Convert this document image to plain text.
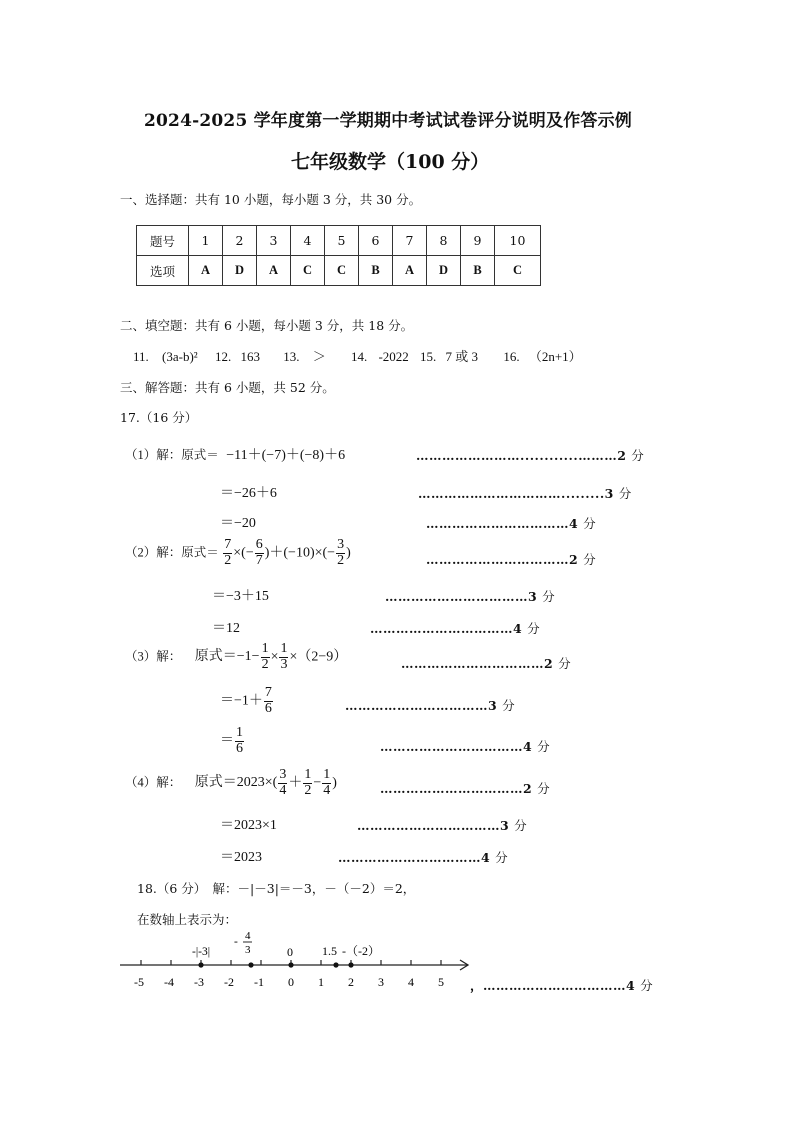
2024-2025 学年度第一学期期中考试试卷评分说明及作答示例
七年级数学（100 分）
一、选择题：共有 10 小题，每小题 3 分，共 30 分。
题号	1	2	3	4	5	6	7	8	9	10
选项	A	D	A	C	C	B	A	D	B	C
二、填空题：共有 6 小题，每小题 3 分，共 18 分。
11. (3a-b)² 12. 163 13. ＞ 14. -2022 15. 7 或 3 16. （2n+1）
三、解答题：共有 6 小题，共 52 分。
17.（16 分）
（1）解：原式＝ −11＋(−7)＋(−8)＋6	……………………............………2 分
＝−26＋6	…………………………….........3 分
＝−20	……………………………4 分
（2）解：原式＝ $\frac{7}{2}$ ×(− $\frac{6}{7} )+(-10)\times(- \frac{3}{2}$ )	……………………………2 分
＝−3＋15	……………………………3 分
＝12	……………………………4 分
（3）解： 原式$=-1- \frac{1}{2} \times \frac{1}{3} \times(2-9)$	……………………………2 分
$=-1+ \frac{7}{6}$	……………………………3 分
＝ $\frac{1}{6}$	……………………………4 分
（4）解： 原式$=2023\times( \frac{3}{4} + \frac{1}{2} - \frac{1}{4}$ )	……………………………2 分
＝2023×1	……………………………3 分
＝2023	……………………………4 分
18.（6 分）　解：－|－3|＝－3，－（－2）＝2，
在数轴上表示为：
-5 -4 -3 -2 -1 0 1 2 3 4 5
-|-3|
- 4
3	0 1.5 -（-2）
，……………………………4 分
